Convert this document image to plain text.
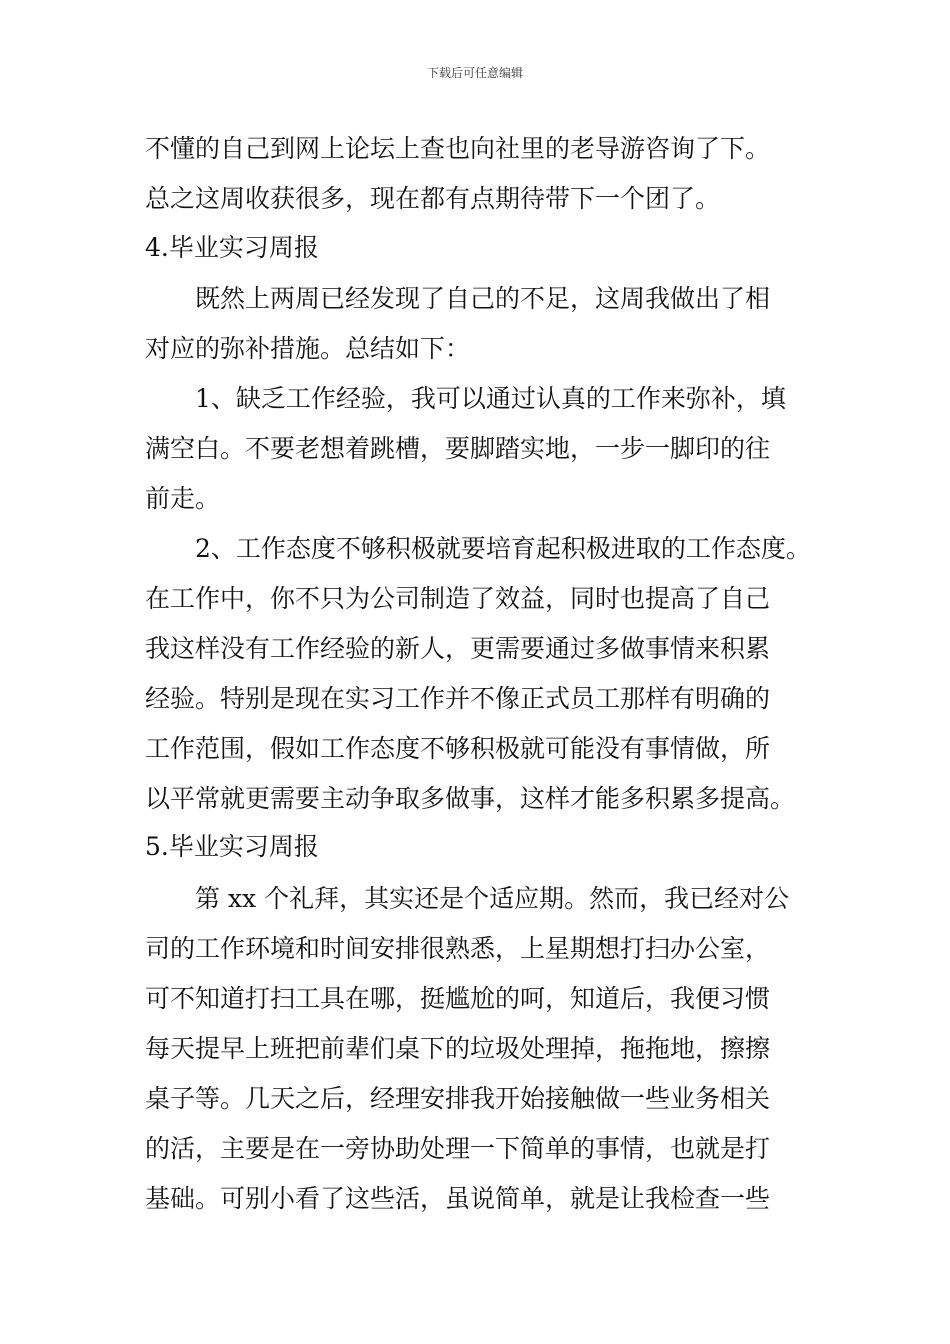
下载后可任意编辑
不懂的自己到网上论坛上查也向社里的老导游咨询了下。
总之这周收获很多，现在都有点期待带下一个团了。
4.毕业实习周报
既然上两周已经发现了自己的不足，这周我做出了相
对应的弥补措施。总结如下：
1、缺乏工作经验，我可以通过认真的工作来弥补，填
满空白。不要老想着跳槽，要脚踏实地，一步一脚印的往
前走。
2、工作态度不够积极就要培育起积极进取的工作态度。
在工作中，你不只为公司制造了效益，同时也提高了自己
我这样没有工作经验的新人，更需要通过多做事情来积累
经验。特别是现在实习工作并不像正式员工那样有明确的
工作范围，假如工作态度不够积极就可能没有事情做，所
以平常就更需要主动争取多做事，这样才能多积累多提高。
5.毕业实习周报
第 xx 个礼拜，其实还是个适应期。然而，我已经对公
司的工作环境和时间安排很熟悉，上星期想打扫办公室，
可不知道打扫工具在哪，挺尴尬的呵，知道后，我便习惯
每天提早上班把前辈们桌下的垃圾处理掉，拖拖地，擦擦
桌子等。几天之后，经理安排我开始接触做一些业务相关
的活，主要是在一旁协助处理一下简单的事情，也就是打
基础。可别小看了这些活，虽说简单，就是让我检查一些
